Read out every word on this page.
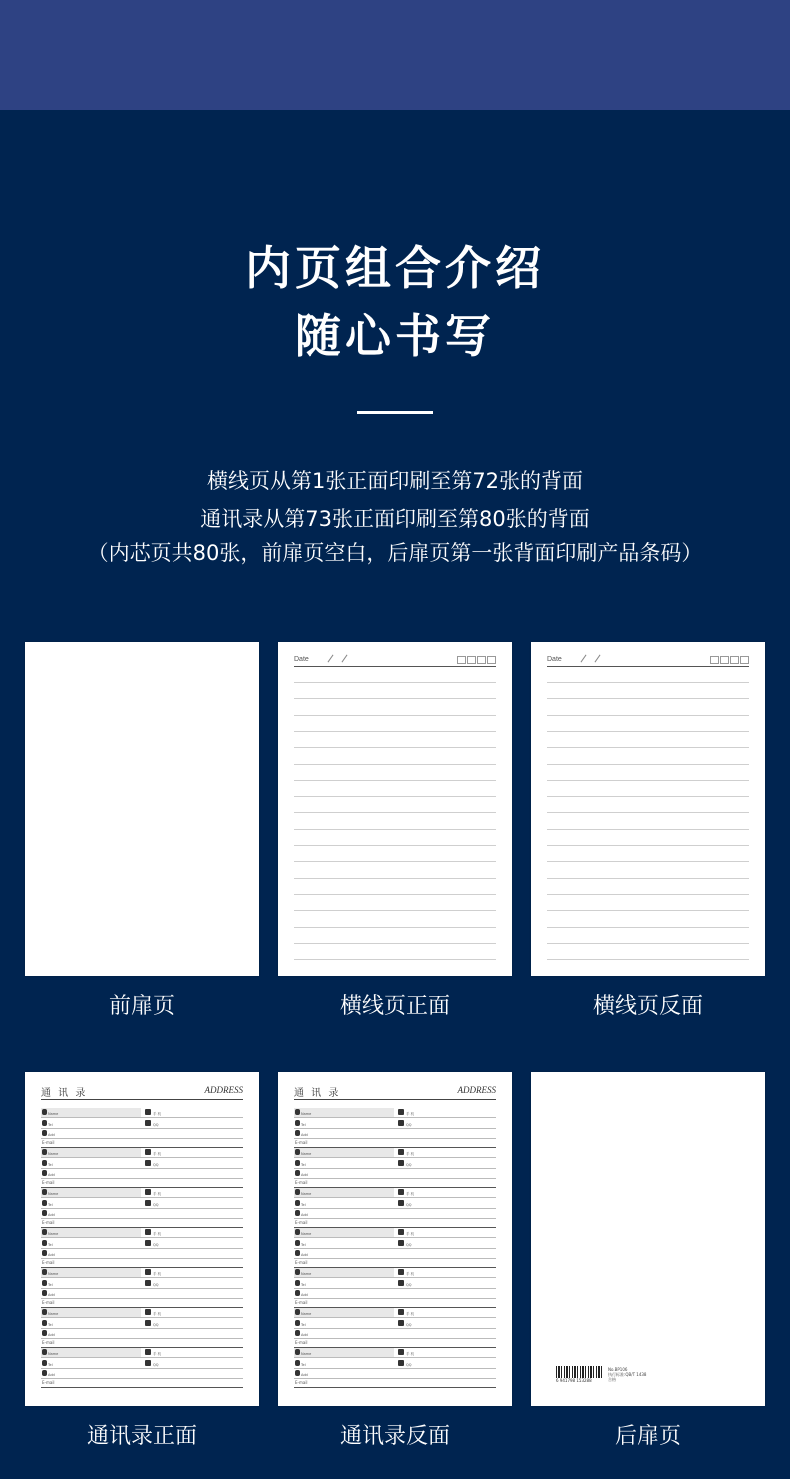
内页组合介绍
随心书写
横线页从第1张正面印刷至第72张的背面
通讯录从第73张正面印刷至第80张的背面
（内芯页共80张，前扉页空白，后扉页第一张背面印刷产品条码）
前扉页
Date
横线页正面
Date
横线页反面
通 讯 录	ADDRESS
Name	手 机
Tel	QQ
Add
E-mail
Name	手 机
Tel	QQ
Add
E-mail
Name	手 机
Tel	QQ
Add
E-mail
Name	手 机
Tel	QQ
Add
E-mail
Name	手 机
Tel	QQ
Add
E-mail
Name	手 机
Tel	QQ
Add
E-mail
Name	手 机
Tel	QQ
Add
E-mail
通讯录正面
通 讯 录	ADDRESS
Name	手 机
Tel	QQ
Add
E-mail
Name	手 机
Tel	QQ
Add
E-mail
Name	手 机
Tel	QQ
Add
E-mail
Name	手 机
Tel	QQ
Add
E-mail
Name	手 机
Tel	QQ
Add
E-mail
Name	手 机
Tel	QQ
Add
E-mail
Name	手 机
Tel	QQ
Add
E-mail
通讯录反面
6 941798 153288
No.BP106
执行标准:QB/T 1438
合格
后扉页
